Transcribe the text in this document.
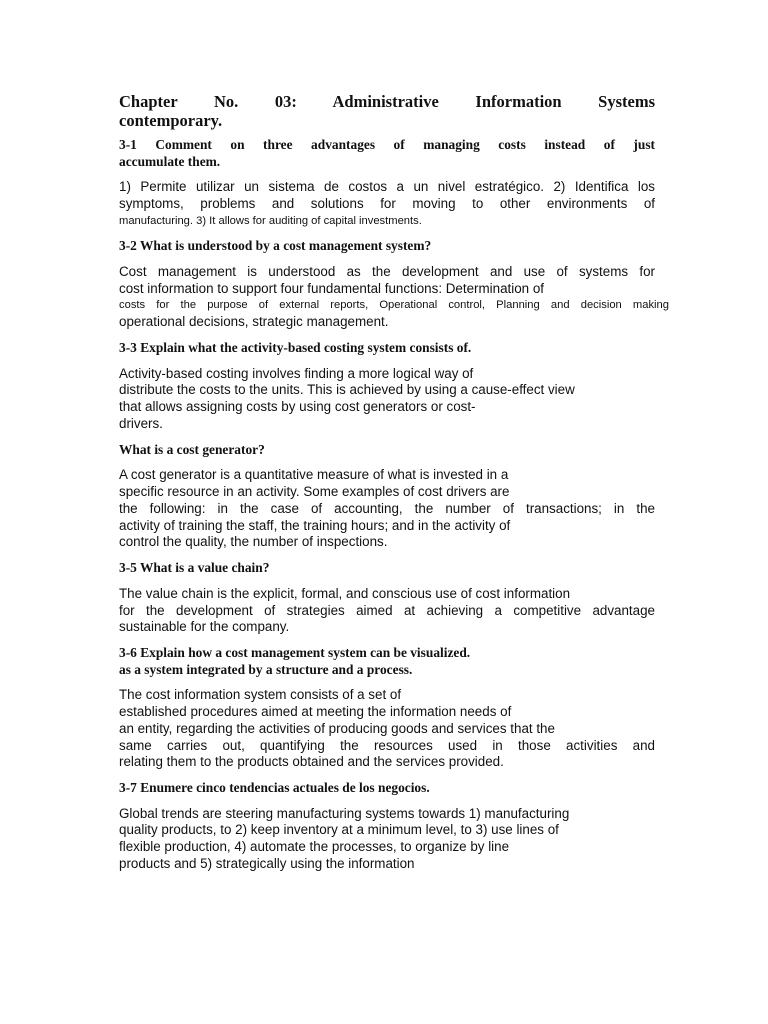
Chapter No. 03: Administrative Information Systems
contemporary.
3-1 Comment on three advantages of managing costs instead of just
accumulate them.
1) Permite utilizar un sistema de costos a un nivel estratégico. 2) Identifica los
symptoms, problems and solutions for moving to other environments of
manufacturing. 3) It allows for auditing of capital investments.
3-2 What is understood by a cost management system?
Cost management is understood as the development and use of systems for
cost information to support four fundamental functions: Determination of
costs for the purpose of external reports, Operational control, Planning and decision making
operational decisions, strategic management.
3-3 Explain what the activity-based costing system consists of.
Activity-based costing involves finding a more logical way of
distribute the costs to the units. This is achieved by using a cause-effect view
that allows assigning costs by using cost generators or cost-
drivers.
What is a cost generator?
A cost generator is a quantitative measure of what is invested in a
specific resource in an activity. Some examples of cost drivers are
the following: in the case of accounting, the number of transactions; in the
activity of training the staff, the training hours; and in the activity of
control the quality, the number of inspections.
3-5 What is a value chain?
The value chain is the explicit, formal, and conscious use of cost information
for the development of strategies aimed at achieving a competitive advantage
sustainable for the company.
3-6 Explain how a cost management system can be visualized.
as a system integrated by a structure and a process.
The cost information system consists of a set of
established procedures aimed at meeting the information needs of
an entity, regarding the activities of producing goods and services that the
same carries out, quantifying the resources used in those activities and
relating them to the products obtained and the services provided.
3-7 Enumere cinco tendencias actuales de los negocios.
Global trends are steering manufacturing systems towards 1) manufacturing
quality products, to 2) keep inventory at a minimum level, to 3) use lines of
flexible production, 4) automate the processes, to organize by line
products and 5) strategically using the information
